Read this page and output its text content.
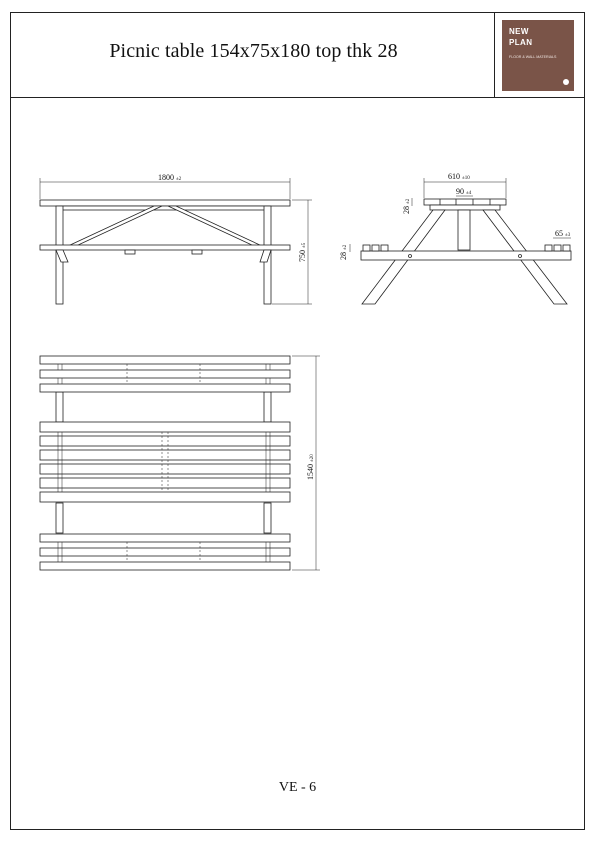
Picnic table 154x75x180 top thk 28
NEW
PLAN
FLOOR & WALL MATERIALS
1800 ±2
750±5
610 ±10
90 ±4
28±2
28±2
65 ±3
1540±20
VE - 6
